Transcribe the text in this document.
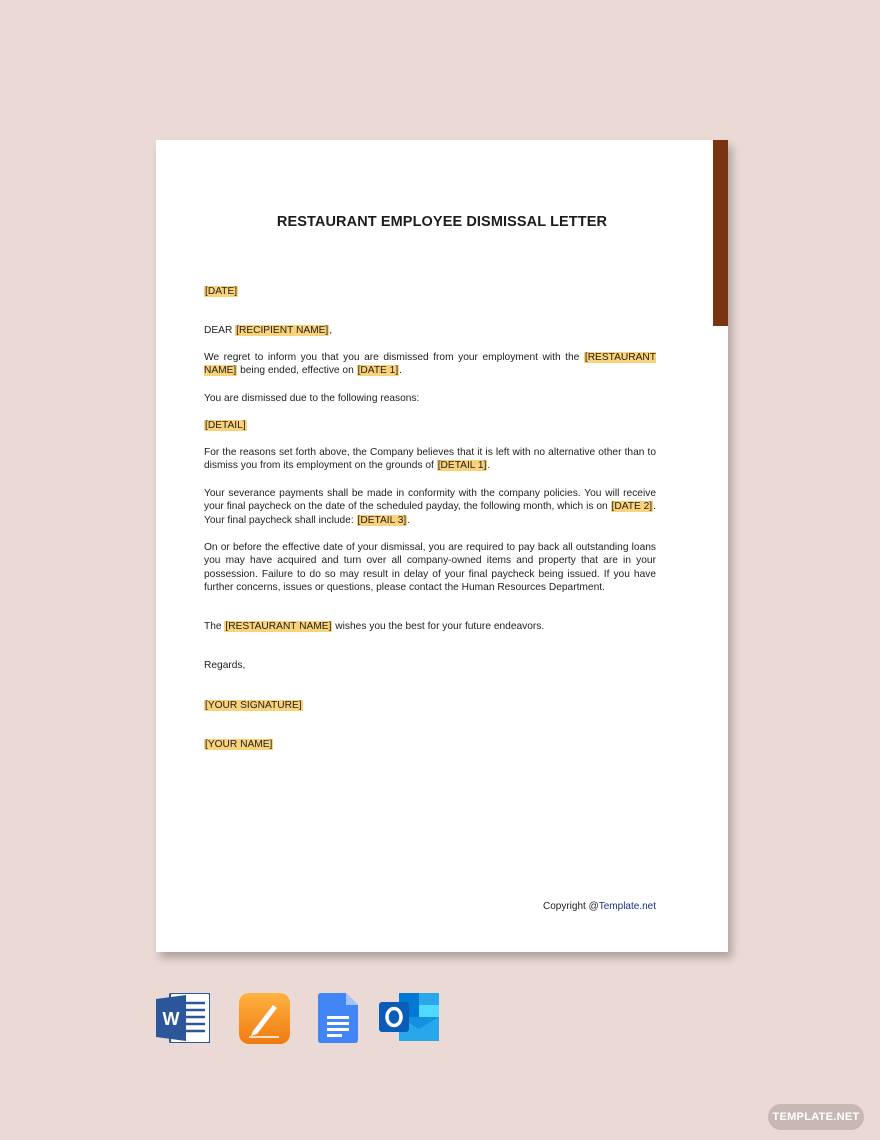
RESTAURANT EMPLOYEE DISMISSAL LETTER

[DATE]

DEAR [RECIPIENT NAME],

We regret to inform you that you are dismissed from your employment with the [RESTAURANT NAME] being ended, effective on [DATE 1].

You are dismissed due to the following reasons:

[DETAIL]

For the reasons set forth above, the Company believes that it is left with no alternative other than to dismiss you from its employment on the grounds of [DETAIL 1].

Your severance payments shall be made in conformity with the company policies. You will receive your final paycheck on the date of the scheduled payday, the following month, which is on [DATE 2]. Your final paycheck shall include: [DETAIL 3].

On or before the effective date of your dismissal, you are required to pay back all outstanding loans you may have acquired and turn over all company-owned items and property that are in your possession. Failure to do so may result in delay of your final paycheck being issued. If you have further concerns, issues or questions, please contact the Human Resources Department.

The [RESTAURANT NAME] wishes you the best for your future endeavors.

Regards,

[YOUR SIGNATURE]

[YOUR NAME]

Copyright @Template.net
W
TEMPLATE.NET
